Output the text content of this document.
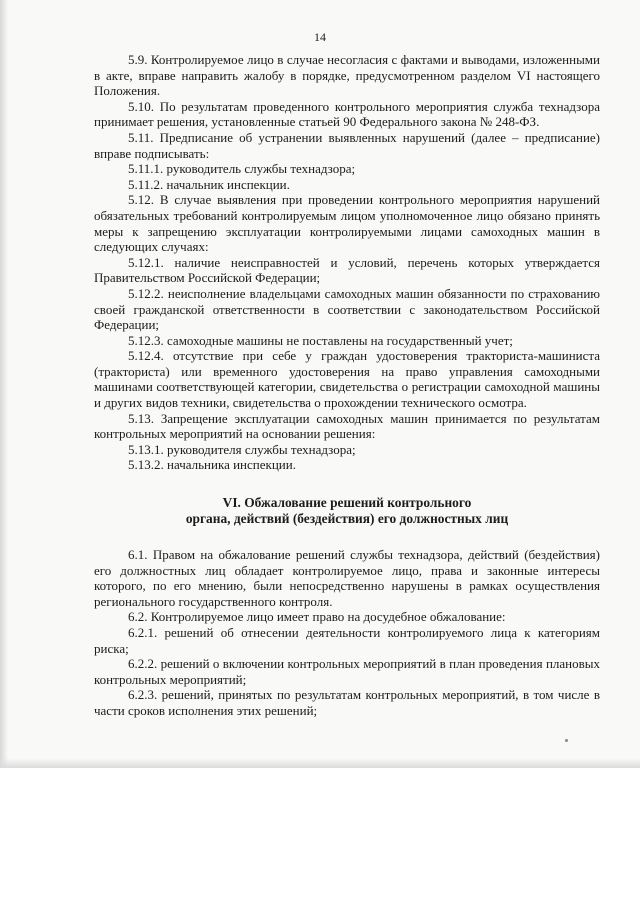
14

5.9. Контролируемое лицо в случае несогласия с фактами и выводами, изложенными в акте, вправе направить жалобу в порядке, предусмотренном разделом VI настоящего Положения.

5.10. По результатам проведенного контрольного мероприятия служба технадзора принимает решения, установленные статьей 90 Федерального закона № 248-ФЗ.

5.11. Предписание об устранении выявленных нарушений (далее – предписание) вправе подписывать:

5.11.1. руководитель службы технадзора;

5.11.2. начальник инспекции.

5.12. В случае выявления при проведении контрольного мероприятия нарушений обязательных требований контролируемым лицом уполномоченное лицо обязано принять меры к запрещению эксплуатации контролируемыми лицами самоходных машин в следующих случаях:

5.12.1. наличие неисправностей и условий, перечень которых утверждается Правительством Российской Федерации;

5.12.2. неисполнение владельцами самоходных машин обязанности по страхованию своей гражданской ответственности в соответствии с законодательством Российской Федерации;

5.12.3. самоходные машины не поставлены на государственный учет;

5.12.4. отсутствие при себе у граждан удостоверения тракториста-машиниста (тракториста) или временного удостоверения на право управления самоходными машинами соответствующей категории, свидетельства о регистрации самоходной машины и других видов техники, свидетельства о прохождении технического осмотра.

5.13. Запрещение эксплуатации самоходных машин принимается по результатам контрольных мероприятий на основании решения:

5.13.1. руководителя службы технадзора;

5.13.2. начальника инспекции.

VI. Обжалование решений контрольного
органа, действий (бездействия) его должностных лиц

6.1. Правом на обжалование решений службы технадзора, действий (бездействия) его должностных лиц обладает контролируемое лицо, права и законные интересы которого, по его мнению, были непосредственно нарушены в рамках осуществления регионального государственного контроля.

6.2. Контролируемое лицо имеет право на досудебное обжалование:

6.2.1. решений об отнесении деятельности контролируемого лица к категориям риска;

6.2.2. решений о включении контрольных мероприятий в план проведения плановых контрольных мероприятий;

6.2.3. решений, принятых по результатам контрольных мероприятий, в том числе в части сроков исполнения этих решений;
